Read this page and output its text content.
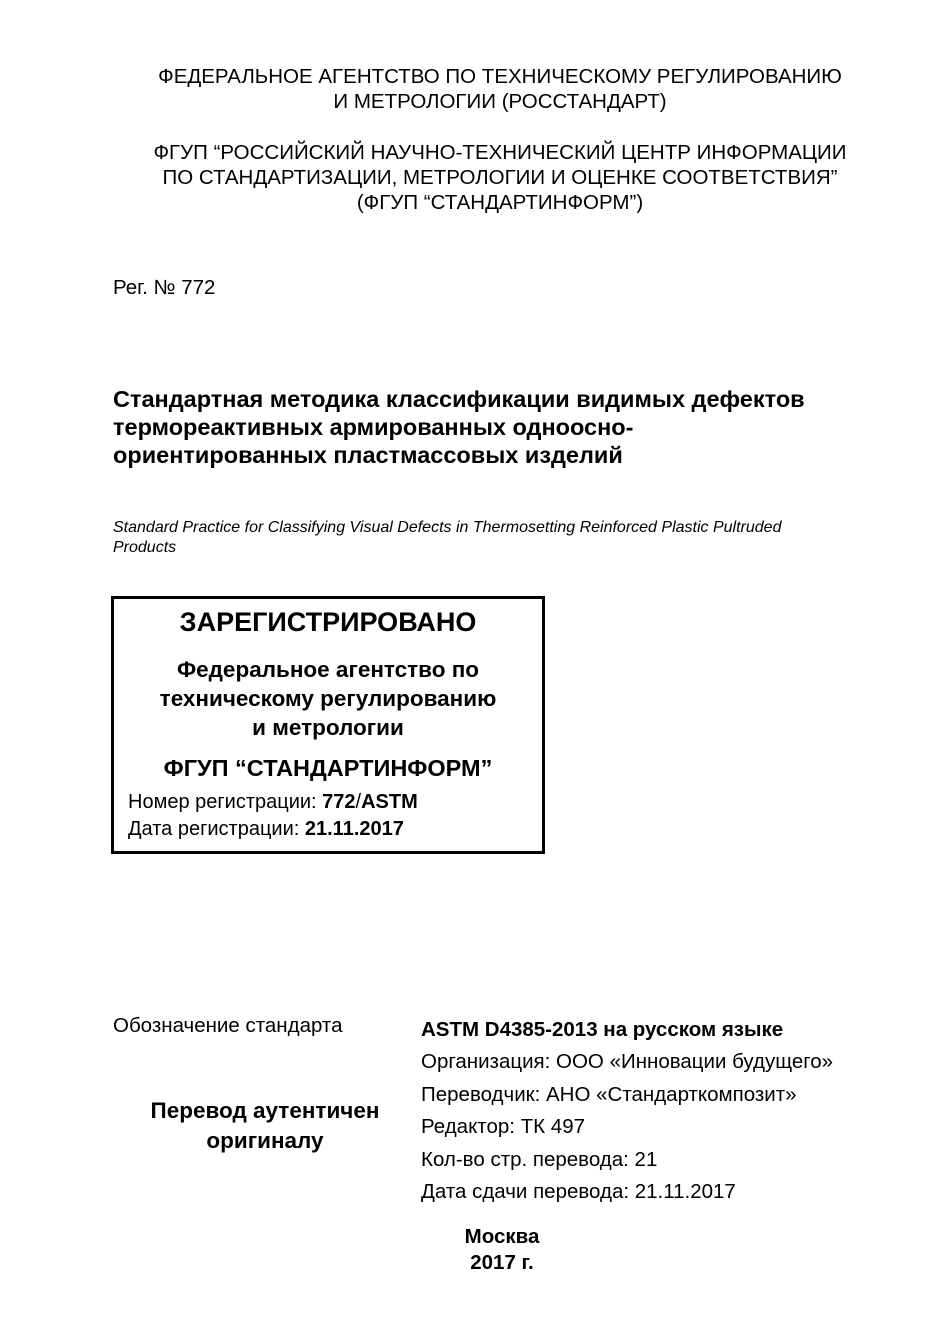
ФЕДЕРАЛЬНОЕ АГЕНТСТВО ПО ТЕХНИЧЕСКОМУ РЕГУЛИРОВАНИЮ
И МЕТРОЛОГИИ (РОССТАНДАРТ)
ФГУП “РОССИЙСКИЙ НАУЧНО-ТЕХНИЧЕСКИЙ ЦЕНТР ИНФОРМАЦИИ
ПО СТАНДАРТИЗАЦИИ, МЕТРОЛОГИИ И ОЦЕНКЕ СООТВЕТСТВИЯ”
(ФГУП “СТАНДАРТИНФОРМ”)
Рег. № 772
Стандартная методика классификации видимых дефектов
термореактивных армированных одноосно-
ориентированных пластмассовых изделий
Standard Practice for Classifying Visual Defects in Thermosetting Reinforced Plastic Pultruded
Products
ЗАРЕГИСТРИРОВАНО
Федеральное агентство по
техническому регулированию
и метрологии
ФГУП “СТАНДАРТИНФОРМ”
Номер регистрации: 772/ASTM
Дата регистрации: 21.11.2017
Обозначение стандарта
Перевод аутентичен
оригиналу
ASTM D4385-2013 на русском языке
Организация: ООО «Инновации будущего»
Переводчик: АНО «Стандарткомпозит»
Редактор: ТК 497
Кол-во стр. перевода: 21
Дата сдачи перевода: 21.11.2017
Москва
2017 г.
